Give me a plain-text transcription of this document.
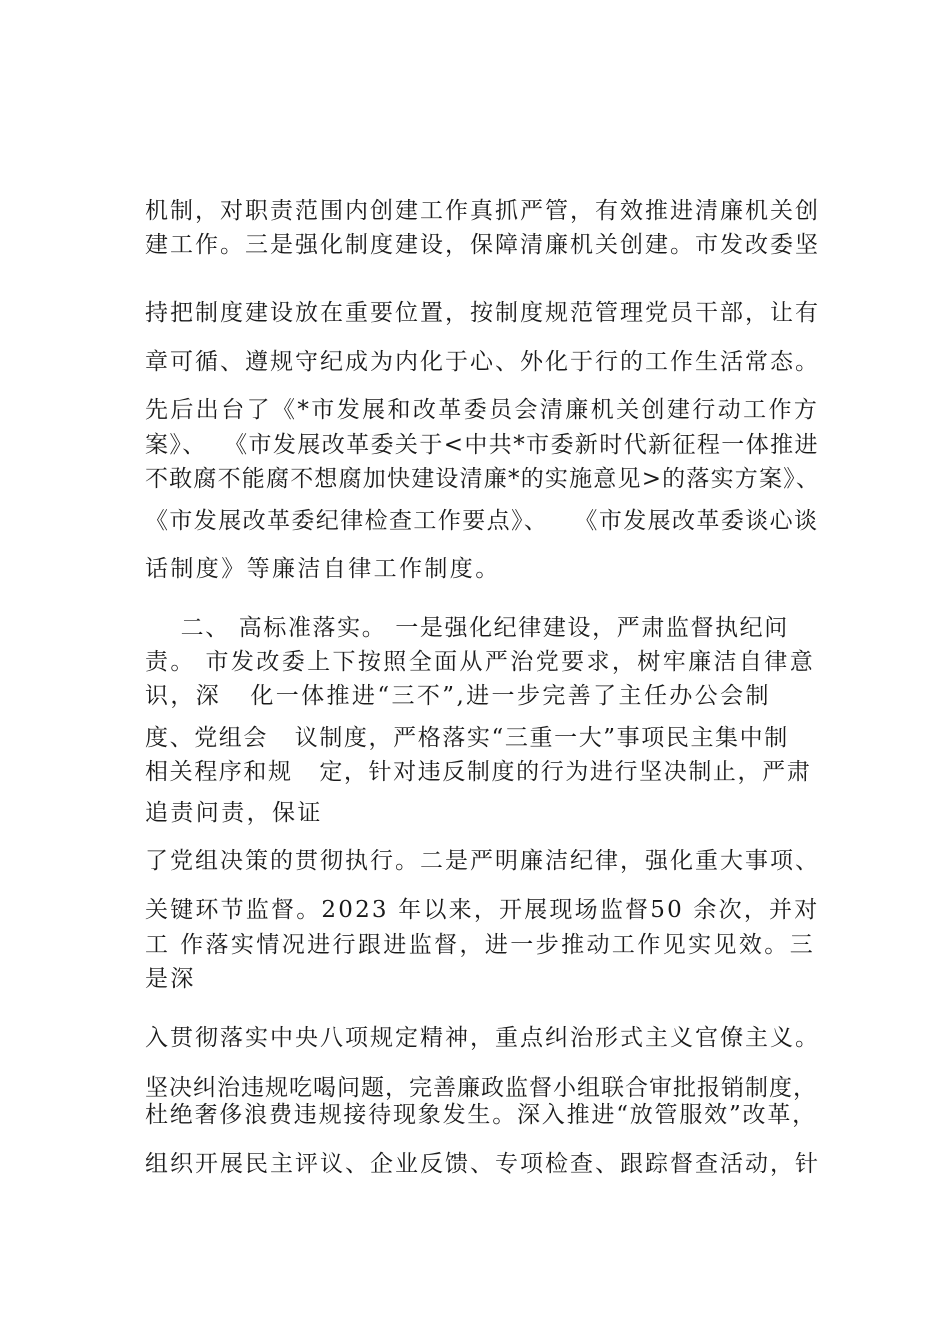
机制，对职责范围内创建工作真抓严管，有效推进清廉机关创

建工作。三是强化制度建设，保障清廉机关创建。市发改委坚

持把制度建设放在重要位置，按制度规范管理党员干部，让有

章可循、遵规守纪成为内化于心、外化于行的工作生活常态。

先后出台了《*市发展和改革委员会清廉机关创建行动工作方

案》、  《市发展改革委关于<中共*市委新时代新征程一体推进

不敢腐不能腐不想腐加快建设清廉*的实施意见>的落实方案》、

《市发展改革委纪律检查工作要点》、   《市发展改革委谈心谈

话制度》等廉洁自律工作制度。

二、 高标准落实。 一是强化纪律建设，严肃监督执纪问

责。 市发改委上下按照全面从严治党要求，树牢廉洁自律意

识，深   化一体推进“三不”,进一步完善了主任办公会制

度、党组会   议制度，严格落实“三重一大”事项民主集中制

相关程序和规   定，针对违反制度的行为进行坚决制止，严肃

追责问责，保证

了党组决策的贯彻执行。二是严明廉洁纪律，强化重大事项、

关键环节监督。2023 年以来，开展现场监督50 余次，并对

工 作落实情况进行跟进监督，进一步推动工作见实见效。三

是深

入贯彻落实中央八项规定精神，重点纠治形式主义官僚主义。

坚决纠治违规吃喝问题，完善廉政监督小组联合审批报销制度，

杜绝奢侈浪费违规接待现象发生。深入推进“放管服效”改革，

组织开展民主评议、企业反馈、专项检查、跟踪督查活动，针
